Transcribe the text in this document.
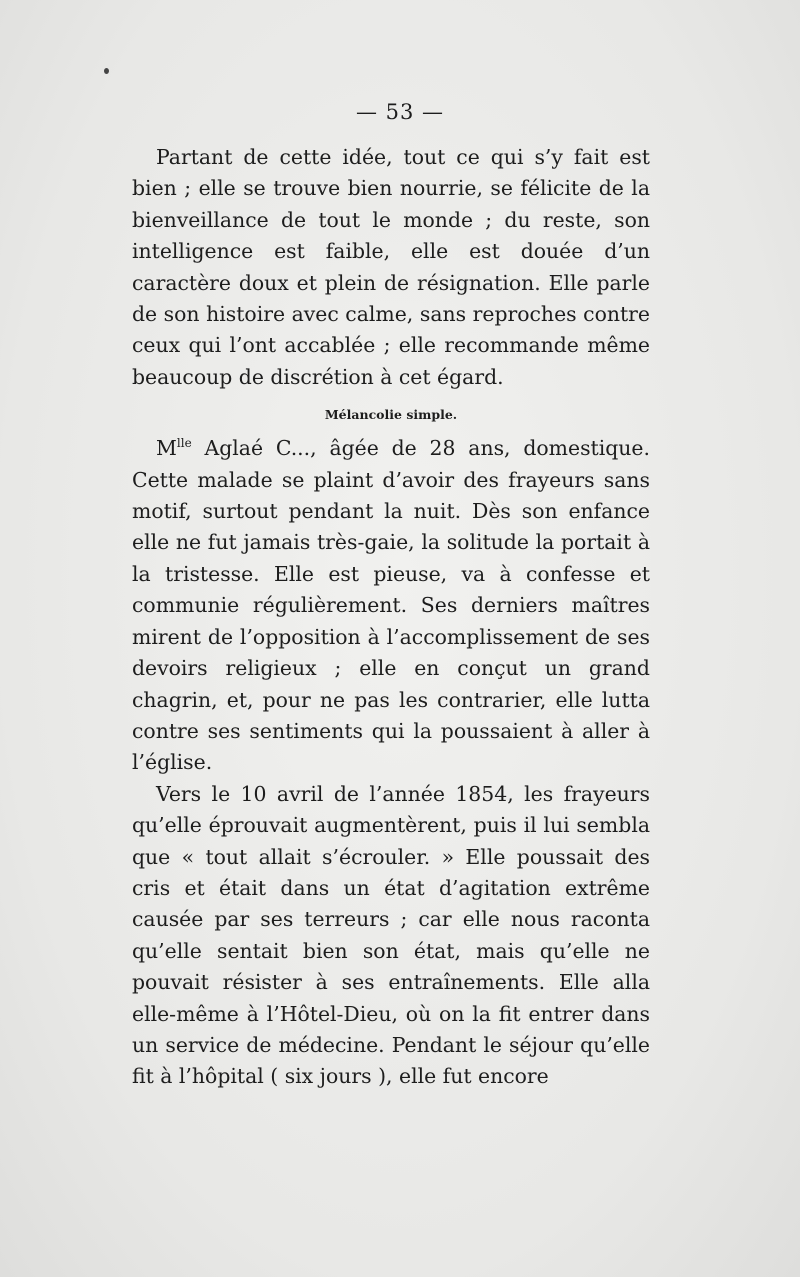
— 53 —

Partant de cette idée, tout ce qui s’y fait est bien ; elle se trouve bien nourrie, se félicite de la bienveillance de tout le monde ; du reste, son intelligence est faible, elle est douée d’un caractère doux et plein de résignation. Elle parle de son histoire avec calme, sans reproches contre ceux qui l’ont accablée ; elle recommande même beaucoup de discrétion à cet égard.

Mélancolie simple.

$M^{lle}$ Aglaé C..., âgée de 28 ans, domestique. Cette malade se plaint d’avoir des frayeurs sans motif, surtout pendant la nuit. Dès son enfance elle ne fut jamais très-gaie, la solitude la portait à la tristesse. Elle est pieuse, va à confesse et communie régulièrement. Ses derniers maîtres mirent de l’opposition à l’accomplissement de ses devoirs religieux ; elle en conçut un grand chagrin, et, pour ne pas les contrarier, elle lutta contre ses sentiments qui la poussaient à aller à l’église.

Vers le 10 avril de l’année 1854, les frayeurs qu’elle éprouvait augmentèrent, puis il lui sembla que « tout allait s’écrouler. » Elle poussait des cris et était dans un état d’agitation extrême causée par ses terreurs ; car elle nous raconta qu’elle sentait bien son état, mais qu’elle ne pouvait résister à ses entraînements. Elle alla elle-même à l’Hôtel-Dieu, où on la fit entrer dans un service de médecine. Pendant le séjour qu’elle fit à l’hôpital ( six jours ), elle fut encore
